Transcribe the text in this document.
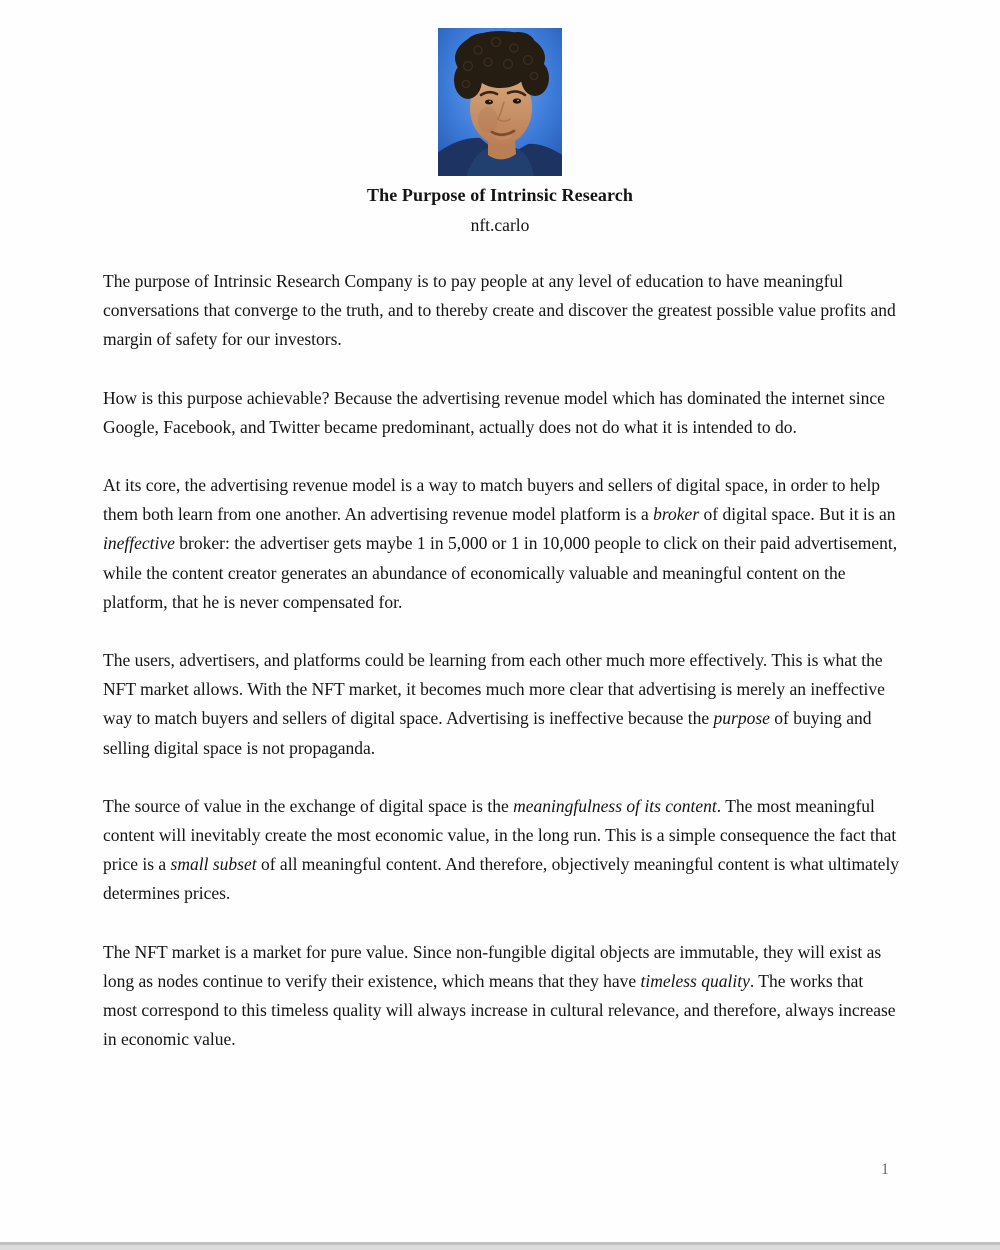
The Purpose of Intrinsic Research
nft.carlo

The purpose of Intrinsic Research Company is to pay people at any level of education to have meaningful conversations that converge to the truth, and to thereby create and discover the greatest possible value profits and margin of safety for our investors.

How is this purpose achievable? Because the advertising revenue model which has dominated the internet since Google, Facebook, and Twitter became predominant, actually does not do what it is intended to do.

At its core, the advertising revenue model is a way to match buyers and sellers of digital space, in order to help them both learn from one another. An advertising revenue model platform is a broker of digital space. But it is an ineffective broker: the advertiser gets maybe 1 in 5,000 or 1 in 10,000 people to click on their paid advertisement, while the content creator generates an abundance of economically valuable and meaningful content on the platform, that he is never compensated for.

The users, advertisers, and platforms could be learning from each other much more effectively. This is what the NFT market allows. With the NFT market, it becomes much more clear that advertising is merely an ineffective way to match buyers and sellers of digital space. Advertising is ineffective because the purpose of buying and selling digital space is not propaganda.

The source of value in the exchange of digital space is the meaningfulness of its content. The most meaningful content will inevitably create the most economic value, in the long run. This is a simple consequence the fact that price is a small subset of all meaningful content. And therefore, objectively meaningful content is what ultimately determines prices.

The NFT market is a market for pure value. Since non-fungible digital objects are immutable, they will exist as long as nodes continue to verify their existence, which means that they have timeless quality. The works that most correspond to this timeless quality will always increase in cultural relevance, and therefore, always increase in economic value.

1
